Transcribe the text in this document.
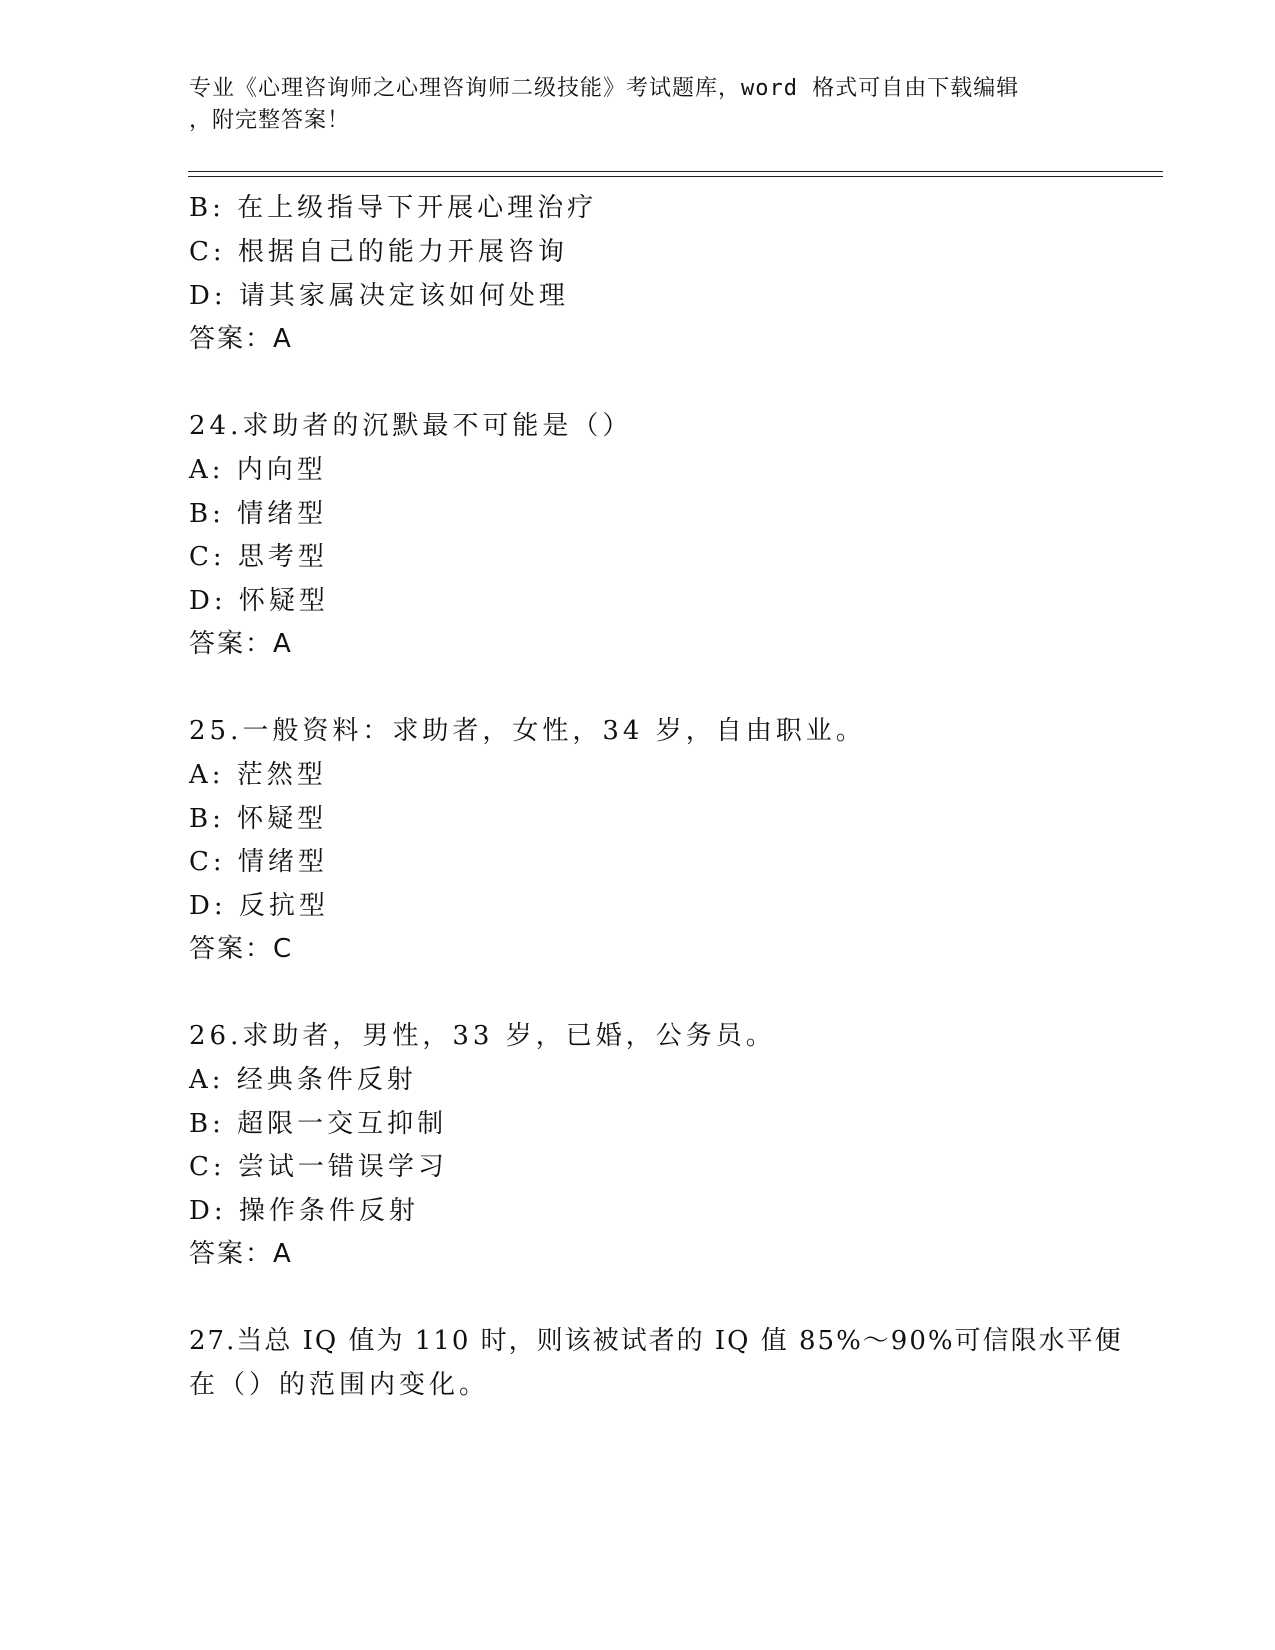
专业《心理咨询师之心理咨询师二级技能》考试题库，word 格式可自由下载编辑
，附完整答案！
B: 在上级指导下开展心理治疗
C: 根据自己的能力开展咨询
D: 请其家属决定该如何处理
答案：A
24.求助者的沉默最不可能是（）
A: 内向型
B: 情绪型
C: 思考型
D: 怀疑型
答案：A
25.一般资料：求助者，女性，34 岁，自由职业。
A: 茫然型
B: 怀疑型
C: 情绪型
D: 反抗型
答案：C
26.求助者，男性，33 岁，已婚，公务员。
A: 经典条件反射
B: 超限一交互抑制
C: 尝试一错误学习
D: 操作条件反射
答案：A
27.当总 IQ 值为 110 时，则该被试者的 IQ 值 85%～90%可信限水平便
在（）的范围内变化。
